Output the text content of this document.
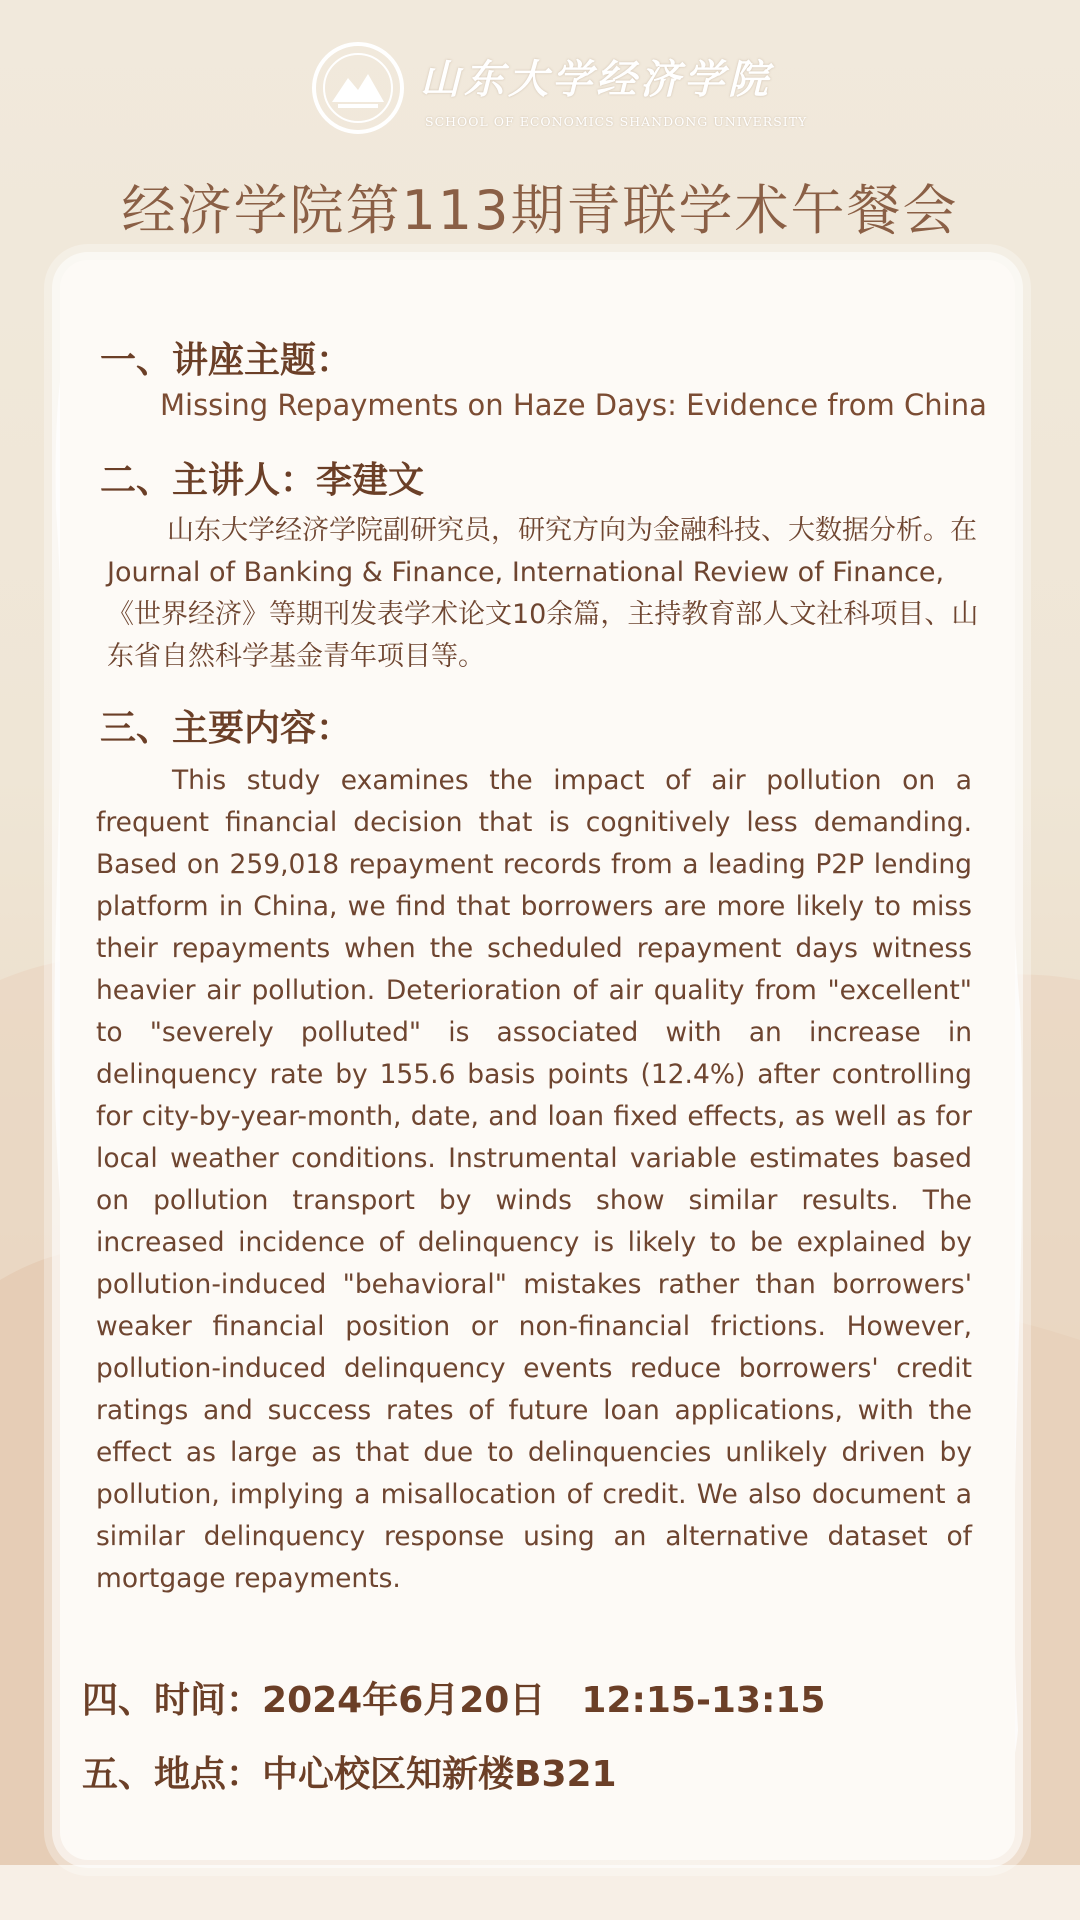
山东大学经济学院
SCHOOL OF ECONOMICS SHANDONG UNIVERSITY
经济学院第113期青联学术午餐会
一、讲座主题：
Missing Repayments on Haze Days: Evidence from China
二、主讲人：李建文
山东大学经济学院副研究员，研究方向为金融科技、大数据分析。在Journal of Banking & Finance, International Review of Finance, 《世界经济》等期刊发表学术论文10余篇，主持教育部人文社科项目、山东省自然科学基金青年项目等。
三、主要内容：
This study examines the impact of air pollution on a frequent financial decision that is cognitively less demanding. Based on 259,018 repayment records from a leading P2P lending platform in China, we find that borrowers are more likely to miss their repayments when the scheduled repayment days witness heavier air pollution. Deterioration of air quality from "excellent" to "severely polluted" is associated with an increase in delinquency rate by 155.6 basis points (12.4%) after controlling for city-by-year-month, date, and loan fixed effects, as well as for local weather conditions. Instrumental variable estimates based on pollution transport by winds show similar results. The increased incidence of delinquency is likely to be explained by pollution-induced "behavioral" mistakes rather than borrowers' weaker financial position or non-financial frictions. However, pollution-induced delinquency events reduce borrowers' credit ratings and success rates of future loan applications, with the effect as large as that due to delinquencies unlikely driven by pollution, implying a misallocation of credit. We also document a similar delinquency response using an alternative dataset of mortgage repayments.
四、时间：2024年6月20日　12:15-13:15
五、地点：中心校区知新楼B321
